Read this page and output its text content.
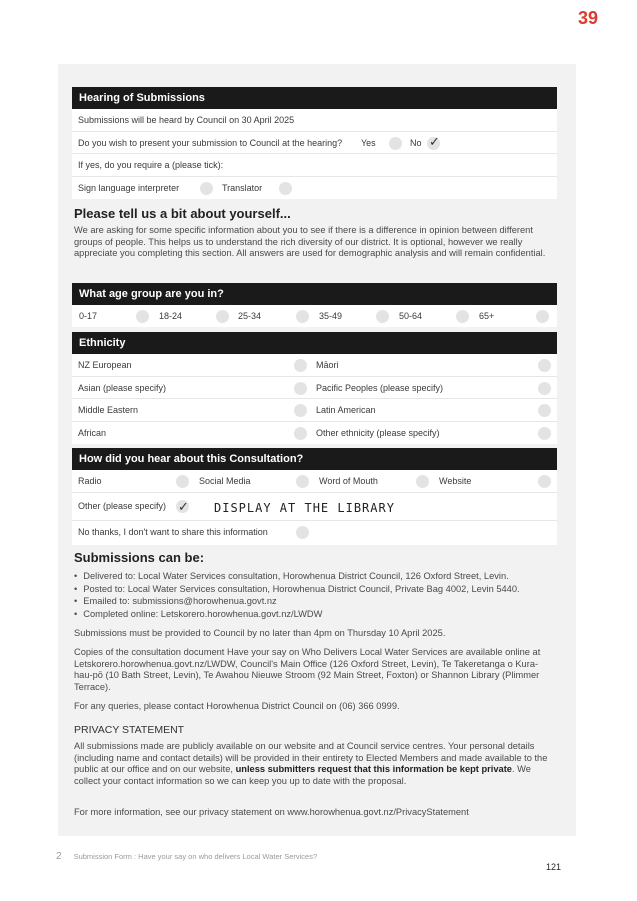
39
Hearing of Submissions
Submissions will be heard by Council on 30 April 2025
Do you wish to present your submission to Council at the hearing? Yes	No ✓
If yes, do you require a (please tick):
Sign language interpreter	Translator
Please tell us a bit about yourself...

We are asking for some specific information about you to see if there is a difference in opinion between different groups of people. This helps us to understand the rich diversity of our district. It is optional, however we really appreciate you completing this section. All answers are used for demographic analysis and will remain confidential.

What age group are you in?
0-17	18-24	25-34	35-49	50-64	65+
Ethnicity
NZ European	Māori
Asian (please specify)	Pacific Peoples (please specify)
Middle Eastern	Latin American
African	Other ethnicity (please specify)
How did you hear about this Consultation?
Radio	Social Media	Word of Mouth	Website
Other (please specify) ✓ DISPLAY AT THE LIBRARY
No thanks, I don't want to share this information
Submissions can be:
• Delivered to: Local Water Services consultation, Horowhenua District Council, 126 Oxford Street, Levin.
• Posted to: Local Water Services consultation, Horowhenua District Council, Private Bag 4002, Levin 5440.
• Emailed to: submissions@horowhenua.govt.nz
• Completed online: Letskorero.horowhenua.govt.nz/LWDW

Submissions must be provided to Council by no later than 4pm on Thursday 10 April 2025.

Copies of the consultation document Have your say on Who Delivers Local Water Services are available online at Letskorero.horowhenua.govt.nz/LWDW, Council's Main Office (126 Oxford Street, Levin), Te Takeretanga o Kura-hau-pō (10 Bath Street, Levin), Te Awahou Nieuwe Stroom (92 Main Street, Foxton) or Shannon Library (Plimmer Terrace).

For any queries, please contact Horowhenua District Council on (06) 366 0999.

PRIVACY STATEMENT

All submissions made are publicly available on our website and at Council service centres. Your personal details (including name and contact details) will be provided in their entirety to Elected Members and made available to the public at our office and on our website, unless submitters request that this information be kept private. We collect your contact information so we can keep you up to date with the proposal.

For more information, see our privacy statement on www.horowhenua.govt.nz/PrivacyStatement

2 Submission Form : Have your say on who delivers Local Water Services?
121
